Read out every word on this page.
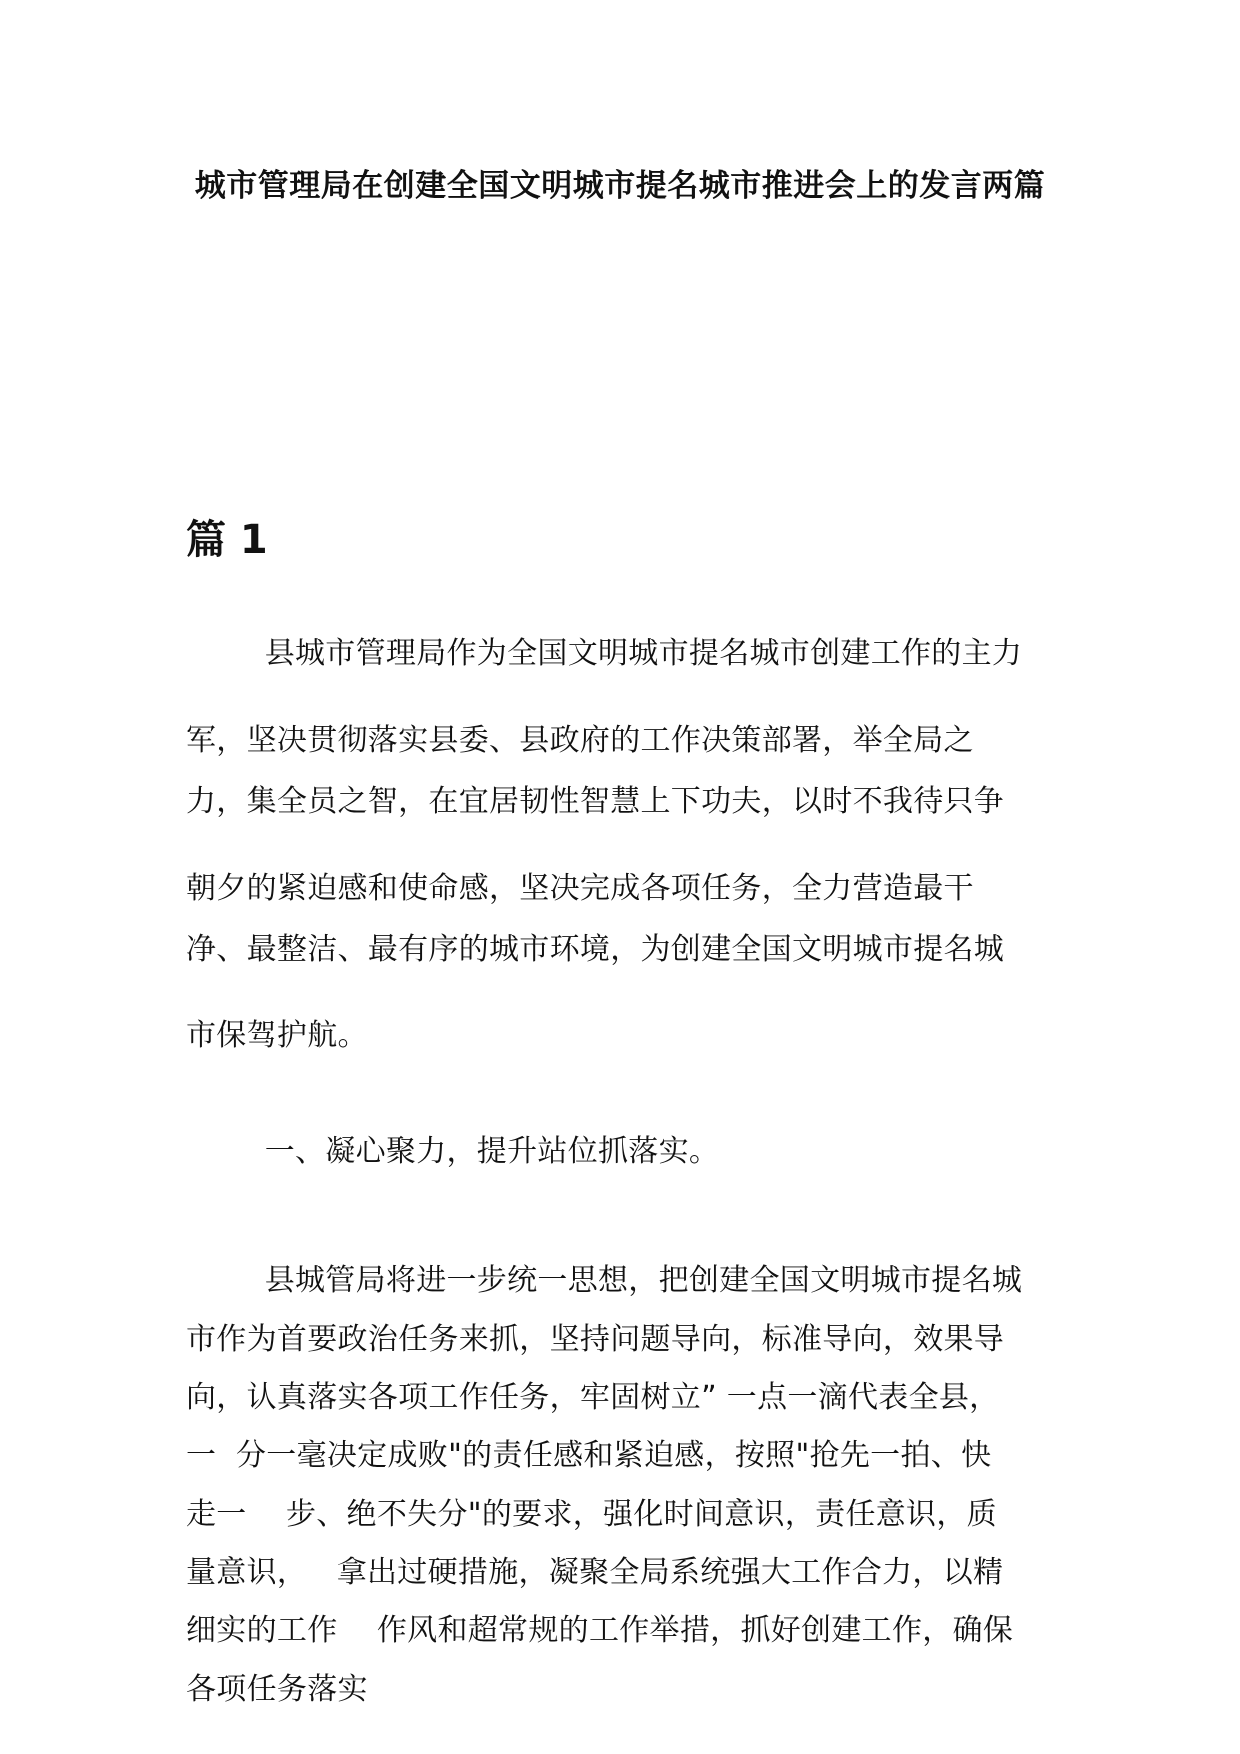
城市管理局在创建全国文明城市提名城市推进会上的发言两篇
篇 1
县城市管理局作为全国文明城市提名城市创建工作的主力
军，坚决贯彻落实县委、县政府的工作决策部署，举全局之
力，集全员之智，在宜居韧性智慧上下功夫，以时不我待只争
朝夕的紧迫感和使命感，坚决完成各项任务，全力营造最干
净、最整洁、最有序的城市环境，为创建全国文明城市提名城
市保驾护航。
一、凝心聚力，提升站位抓落实。
县城管局将进一步统一思想，把创建全国文明城市提名城
市作为首要政治任务来抓，坚持问题导向，标准导向，效果导
向，认真落实各项工作任务，牢固树立” 一点一滴代表全县，
一  分一毫决定成败"的责任感和紧迫感，按照"抢先一拍、快
走一    步、绝不失分"的要求，强化时间意识，责任意识，质
量意识，   拿出过硬措施，凝聚全局系统强大工作合力，以精
细实的工作    作风和超常规的工作举措，抓好创建工作，确保
各项任务落实
